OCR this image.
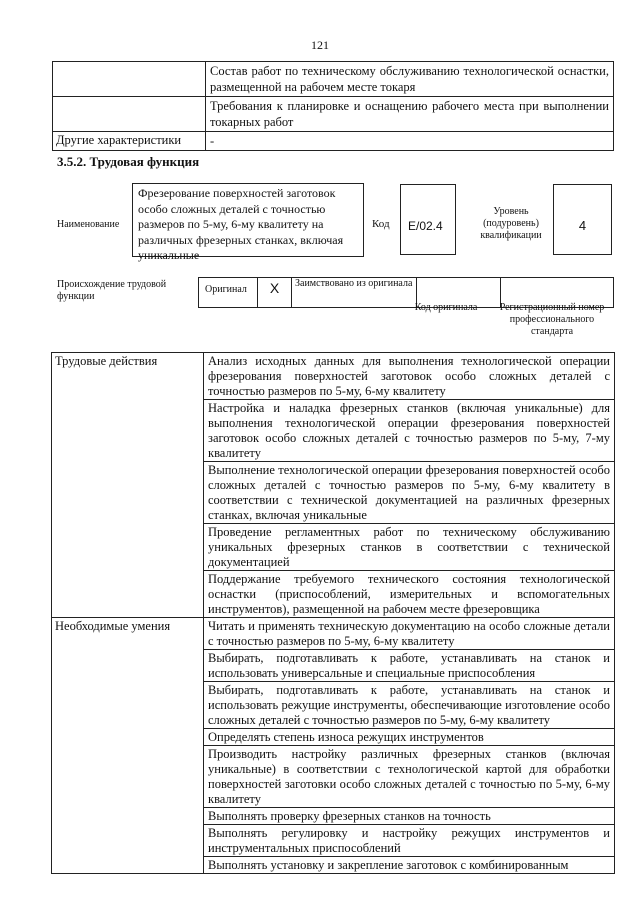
121
	Состав работ по техническому обслуживанию технологической оснастки, размещенной на рабочем месте токаря
	Требования к планировке и оснащению рабочего места при выполнении токарных работ
Другие характеристики	-
3.5.2. Трудовая функция
Наименование
Фрезерование поверхностей заготовок особо сложных деталей с точностью размеров по 5-му, 6-му квалитету на различных фрезерных станках, включая уникальные
Код	E/02.4
Уровень (подуровень) квалификации
4
Происхождение трудовой функции
Оригинал	X	Заимствовано из оригинала		
Код оригинала	Регистрационный номер профессионального стандарта
Трудовые действия	Анализ исходных данных для выполнения технологической операции фрезерования поверхностей заготовок особо сложных деталей с точностью размеров по 5-му, 6-му квалитету
	Настройка и наладка фрезерных станков (включая уникальные) для выполнения технологической операции фрезерования поверхностей заготовок особо сложных деталей с точностью размеров по 5-му, 7-му квалитету
	Выполнение технологической операции фрезерования поверхностей особо сложных деталей с точностью размеров по 5-му, 6-му квалитету в соответствии с технической документацией на различных фрезерных станках, включая уникальные
	Проведение регламентных работ по техническому обслуживанию уникальных фрезерных станков в соответствии с технической документацией
	Поддержание требуемого технического состояния технологической оснастки (приспособлений, измерительных и вспомогательных инструментов), размещенной на рабочем месте фрезеровщика
Необходимые умения	Читать и применять техническую документацию на особо сложные детали с точностью размеров по 5-му, 6-му квалитету
	Выбирать, подготавливать к работе, устанавливать на станок и использовать универсальные и специальные приспособления
	Выбирать, подготавливать к работе, устанавливать на станок и использовать режущие инструменты, обеспечивающие изготовление особо сложных деталей с точностью размеров по 5-му, 6-му квалитету
	Определять степень износа режущих инструментов
	Производить настройку различных фрезерных станков (включая уникальные) в соответствии с технологической картой для обработки поверхностей заготовки особо сложных деталей с точностью по 5-му, 6-му квалитету
	Выполнять проверку фрезерных станков на точность
	Выполнять регулировку и настройку режущих инструментов и инструментальных приспособлений
	Выполнять установку и закрепление заготовок с комбинированным
